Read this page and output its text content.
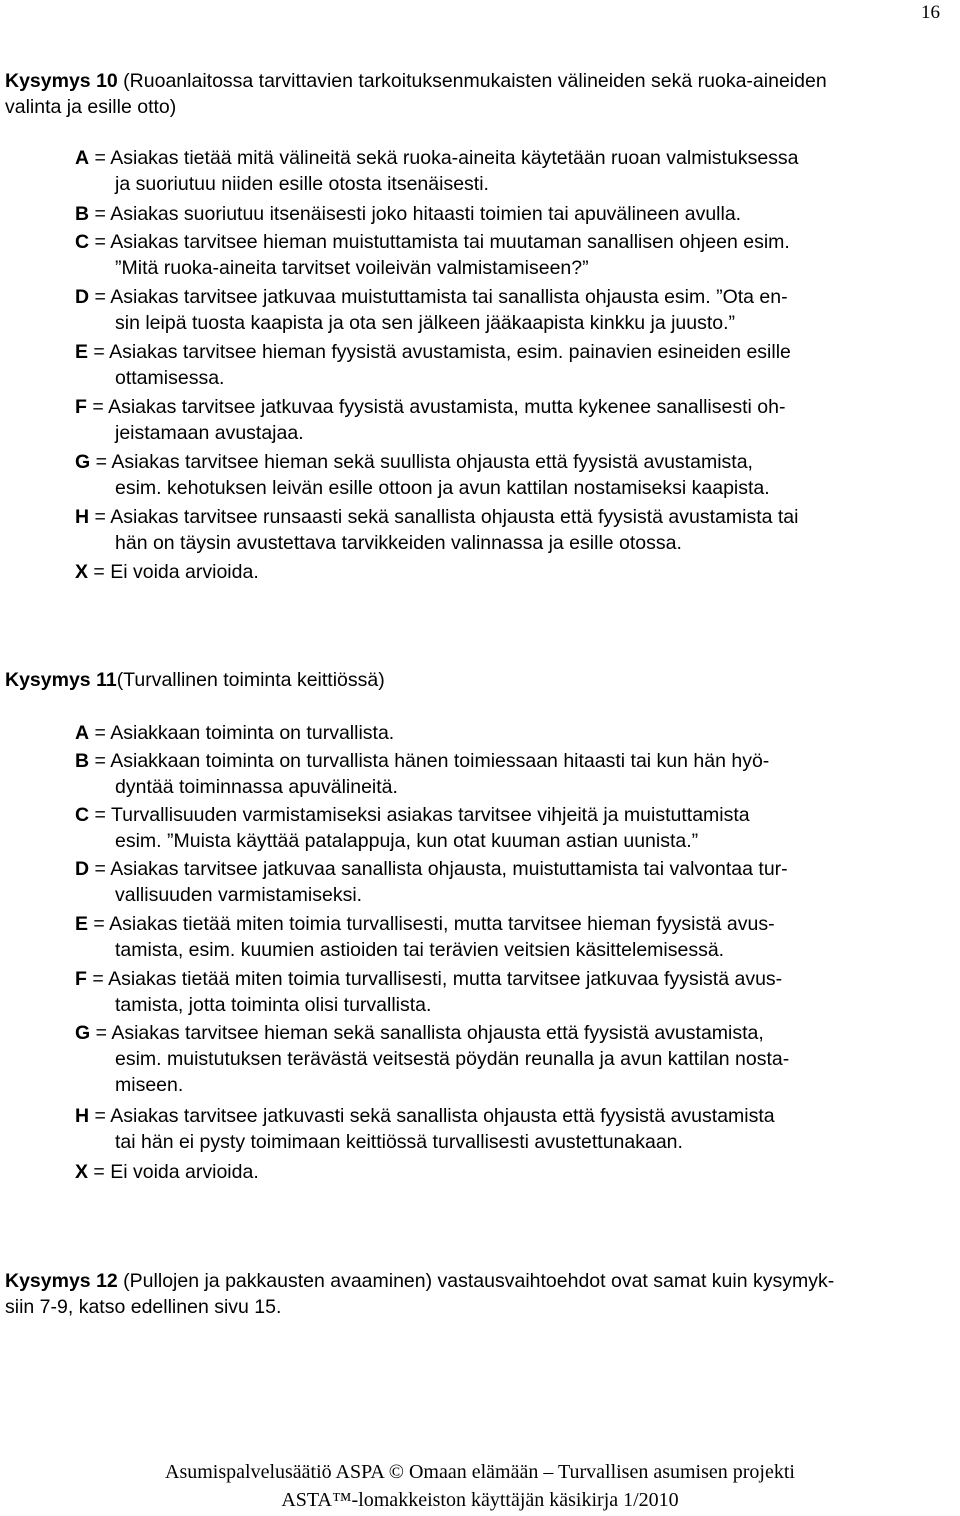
16
Kysymys 10 (Ruoanlaitossa tarvittavien tarkoituksenmukaisten välineiden sekä ruoka-aineiden
valinta ja esille otto)
A = Asiakas tietää mitä välineitä sekä ruoka-aineita käytetään ruoan valmistuksessa
ja suoriutuu niiden esille otosta itsenäisesti.
B = Asiakas suoriutuu itsenäisesti joko hitaasti toimien tai apuvälineen avulla.
C = Asiakas tarvitsee hieman muistuttamista tai muutaman sanallisen ohjeen esim.
”Mitä ruoka-aineita tarvitset voileivän valmistamiseen?”
D = Asiakas tarvitsee jatkuvaa muistuttamista tai sanallista ohjausta esim. ”Ota en-
sin leipä tuosta kaapista ja ota sen jälkeen jääkaapista kinkku ja juusto.”
E = Asiakas tarvitsee hieman fyysistä avustamista, esim. painavien esineiden esille
ottamisessa.
F = Asiakas tarvitsee jatkuvaa fyysistä avustamista, mutta kykenee sanallisesti oh-
jeistamaan avustajaa.
G = Asiakas tarvitsee hieman sekä suullista ohjausta että fyysistä avustamista,
esim. kehotuksen leivän esille ottoon ja avun kattilan nostamiseksi kaapista.
H = Asiakas tarvitsee runsaasti sekä sanallista ohjausta että fyysistä avustamista tai
hän on täysin avustettava tarvikkeiden valinnassa ja esille otossa.
X = Ei voida arvioida.
Kysymys 11(Turvallinen toiminta keittiössä)
A = Asiakkaan toiminta on turvallista.
B = Asiakkaan toiminta on turvallista hänen toimiessaan hitaasti tai kun hän hyö-
dyntää toiminnassa apuvälineitä.
C = Turvallisuuden varmistamiseksi asiakas tarvitsee vihjeitä ja muistuttamista
esim. ”Muista käyttää patalappuja, kun otat kuuman astian uunista.”
D = Asiakas tarvitsee jatkuvaa sanallista ohjausta, muistuttamista tai valvontaa tur-
vallisuuden varmistamiseksi.
E = Asiakas tietää miten toimia turvallisesti, mutta tarvitsee hieman fyysistä avus-
tamista, esim. kuumien astioiden tai terävien veitsien käsittelemisessä.
F = Asiakas tietää miten toimia turvallisesti, mutta tarvitsee jatkuvaa fyysistä avus-
tamista, jotta toiminta olisi turvallista.
G = Asiakas tarvitsee hieman sekä sanallista ohjausta että fyysistä avustamista,
esim. muistutuksen terävästä veitsestä pöydän reunalla ja avun kattilan nosta-
miseen.
H = Asiakas tarvitsee jatkuvasti sekä sanallista ohjausta että fyysistä avustamista
tai hän ei pysty toimimaan keittiössä turvallisesti avustettunakaan.
X = Ei voida arvioida.
Kysymys 12 (Pullojen ja pakkausten avaaminen) vastausvaihtoehdot ovat samat kuin kysymyk-
siin 7-9, katso edellinen sivu 15.
Asumispalvelusäätiö ASPA © Omaan elämään – Turvallisen asumisen projekti
ASTA™-lomakkeiston käyttäjän käsikirja 1/2010
